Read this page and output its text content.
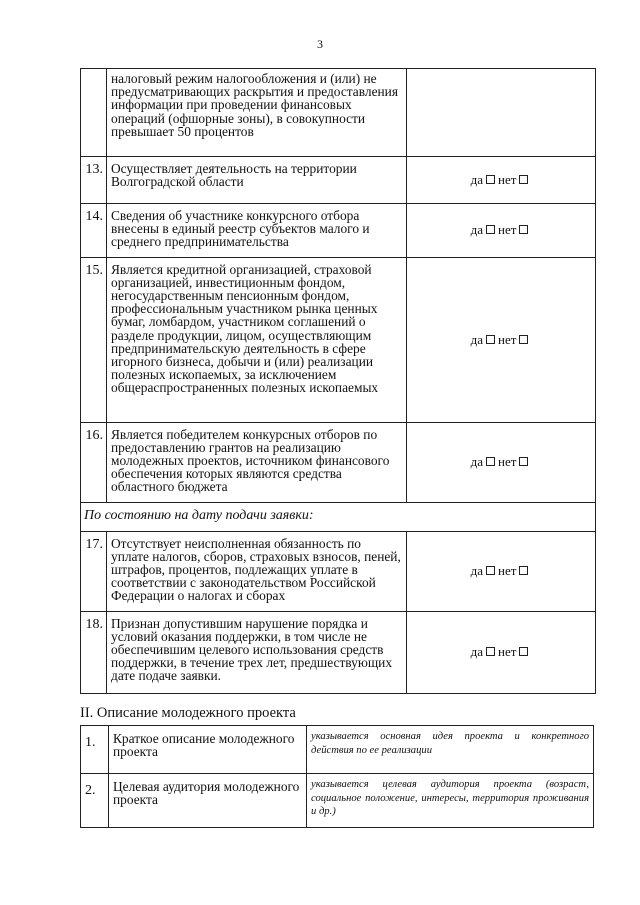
3
	налоговый режим налогообложения и (или) не предусматривающих раскрытия и предоставления информации при проведении финансовых операций (офшорные зоны), в совокупности превышает 50 процентов	
13.	Осуществляет деятельность на территории Волгоградской области	да нет
14.	Сведения об участнике конкурсного отбора внесены в единый реестр субъектов малого и среднего предпринимательства	да нет
15.	Является кредитной организацией, страховой организацией, инвестиционным фондом, негосударственным пенсионным фондом, профессиональным участником рынка ценных бумаг, ломбардом, участником соглашений о разделе продукции, лицом, осуществляющим предпринимательскую деятельность в сфере игорного бизнеса, добычи и (или) реализации полезных ископаемых, за исключением общераспространенных полезных ископаемых	да нет
16.	Является победителем конкурсных отборов по предоставлению грантов на реализацию молодежных проектов, источником финансового обеспечения которых являются средства областного бюджета	да нет
По состоянию на дату подачи заявки:		
17.	Отсутствует неисполненная обязанность по уплате налогов, сборов, страховых взносов, пеней, штрафов, процентов, подлежащих уплате в соответствии с законодательством Российской Федерации о налогах и сборах	да нет
18.	Признан допустившим нарушение порядка и условий оказания поддержки, в том числе не обеспечившим целевого использования средств поддержки, в течение трех лет, предшествующих дате подаче заявки.	да нет
II. Описание молодежного проекта
1.	Краткое описание молодежного проекта	указывается основная идея проекта и конкретного действия по ее реализации
2.	Целевая аудитория молодежного проекта	указывается целевая аудитория проекта (возраст, социальное положение, интересы, территория проживания и др.)
